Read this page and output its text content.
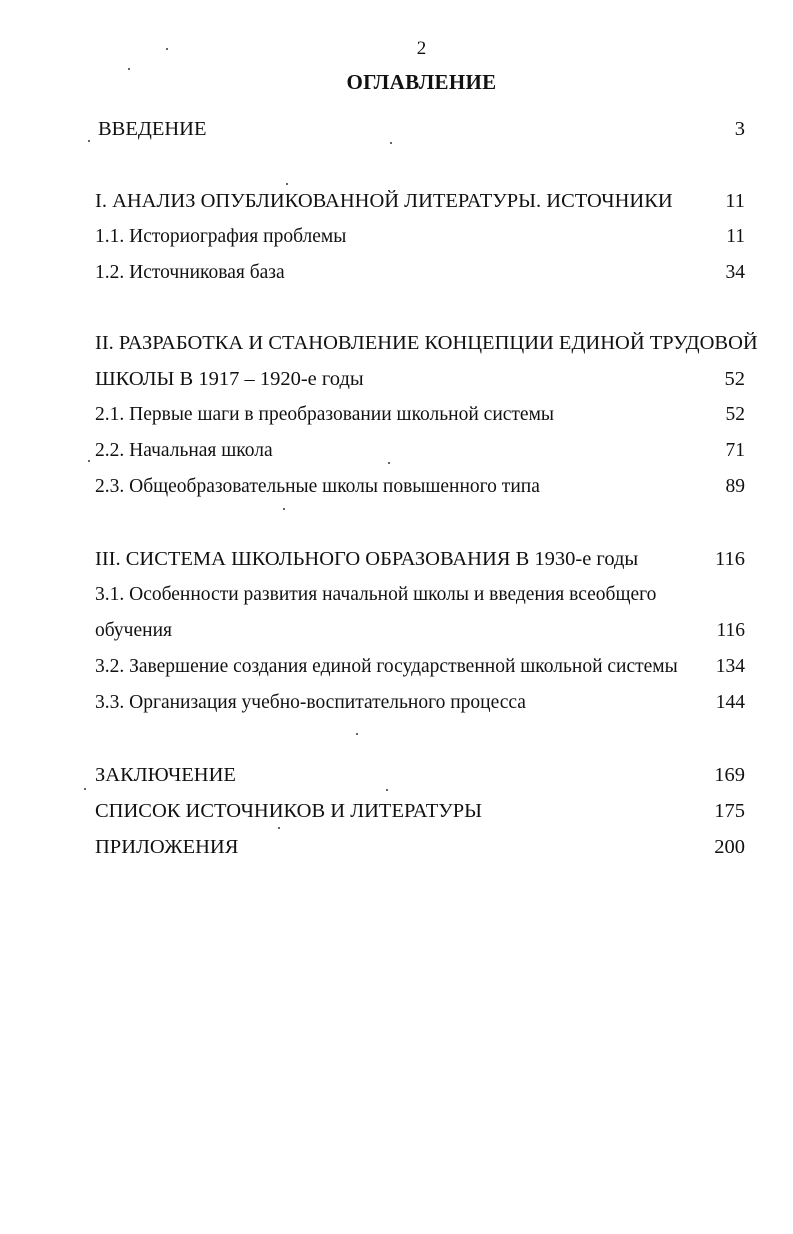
2
ОГЛАВЛЕНИЕ
ВВЕДЕНИЕ	3
I. АНАЛИЗ ОПУБЛИКОВАННОЙ ЛИТЕРАТУРЫ. ИСТОЧНИКИ	11
1.1. Историография проблемы	11
1.2. Источниковая база	34
II. РАЗРАБОТКА И СТАНОВЛЕНИЕ КОНЦЕПЦИИ ЕДИНОЙ ТРУДОВОЙ
ШКОЛЫ В 1917 – 1920-е годы	52
2.1. Первые шаги в преобразовании школьной системы	52
2.2. Начальная школа	71
2.3. Общеобразовательные школы повышенного типа	89
III. СИСТЕМА ШКОЛЬНОГО ОБРАЗОВАНИЯ В 1930-е годы	116
3.1. Особенности развития начальной школы и введения всеобщего
обучения	116
3.2. Завершение создания единой государственной школьной системы 134
3.3. Организация учебно-воспитательного процесса	144
ЗАКЛЮЧЕНИЕ	169
СПИСОК ИСТОЧНИКОВ И ЛИТЕРАТУРЫ	175
ПРИЛОЖЕНИЯ	200
